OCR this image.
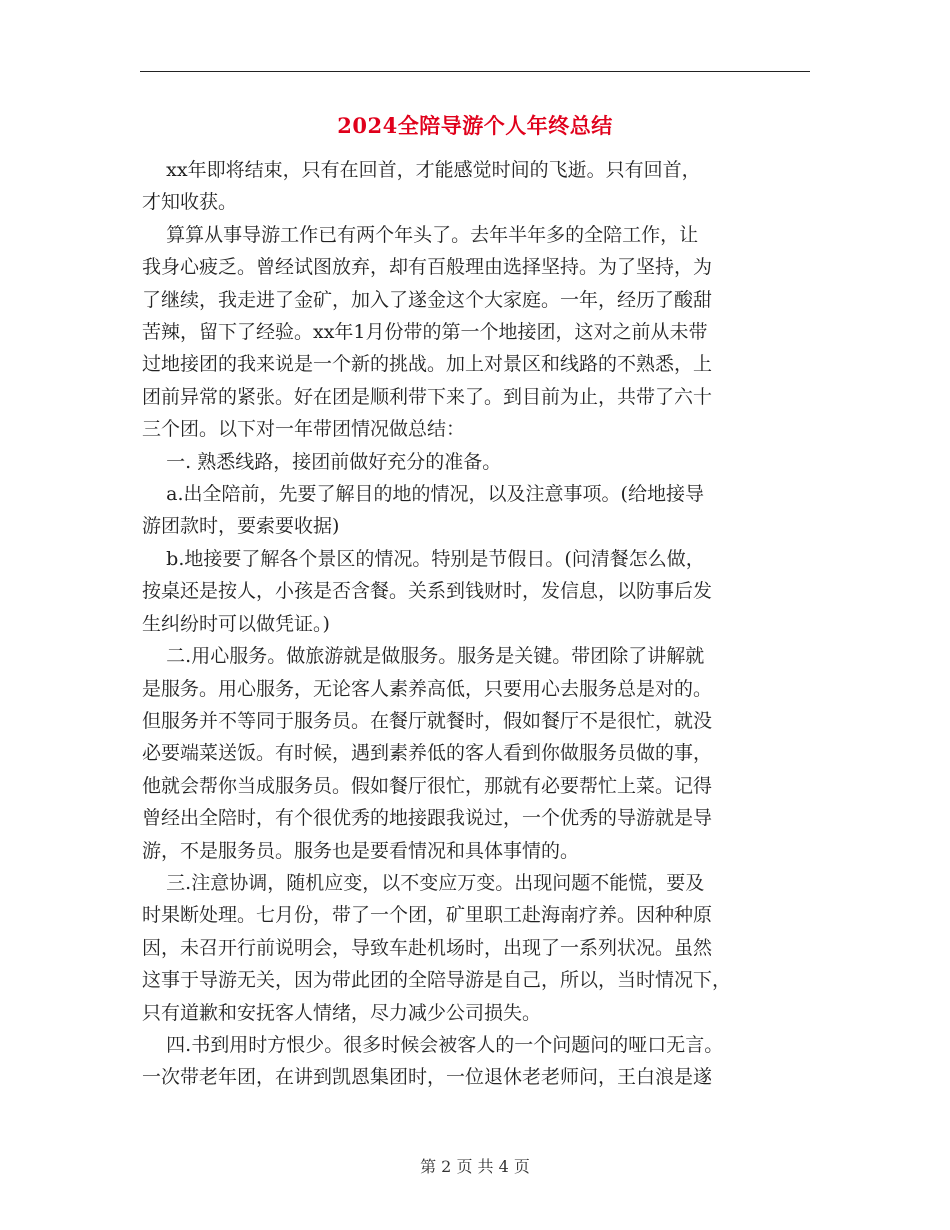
2024全陪导游个人年终总结
xx年即将结束，只有在回首，才能感觉时间的飞逝。只有回首，
才知收获。
算算从事导游工作已有两个年头了。去年半年多的全陪工作，让
我身心疲乏。曾经试图放弃，却有百般理由选择坚持。为了坚持，为
了继续，我走进了金矿，加入了遂金这个大家庭。一年，经历了酸甜
苦辣，留下了经验。xx年1月份带的第一个地接团，这对之前从未带
过地接团的我来说是一个新的挑战。加上对景区和线路的不熟悉，上
团前异常的紧张。好在团是顺利带下来了。到目前为止，共带了六十
三个团。以下对一年带团情况做总结：
一. 熟悉线路，接团前做好充分的准备。
a.出全陪前，先要了解目的地的情况，以及注意事项。(给地接导
游团款时，要索要收据)
b.地接要了解各个景区的情况。特别是节假日。(问清餐怎么做，
按桌还是按人，小孩是否含餐。关系到钱财时，发信息，以防事后发
生纠纷时可以做凭证。)
二.用心服务。做旅游就是做服务。服务是关键。带团除了讲解就
是服务。用心服务，无论客人素养高低，只要用心去服务总是对的。
但服务并不等同于服务员。在餐厅就餐时，假如餐厅不是很忙，就没
必要端菜送饭。有时候，遇到素养低的客人看到你做服务员做的事，
他就会帮你当成服务员。假如餐厅很忙，那就有必要帮忙上菜。记得
曾经出全陪时，有个很优秀的地接跟我说过，一个优秀的导游就是导
游，不是服务员。服务也是要看情况和具体事情的。
三.注意协调，随机应变，以不变应万变。出现问题不能慌，要及
时果断处理。七月份，带了一个团，矿里职工赴海南疗养。因种种原
因，未召开行前说明会，导致车赴机场时，出现了一系列状况。虽然
这事于导游无关，因为带此团的全陪导游是自己，所以，当时情况下，
只有道歉和安抚客人情绪，尽力减少公司损失。
四.书到用时方恨少。很多时候会被客人的一个问题问的哑口无言。
一次带老年团，在讲到凯恩集团时，一位退休老老师问，王白浪是遂
第 2 页 共 4 页
